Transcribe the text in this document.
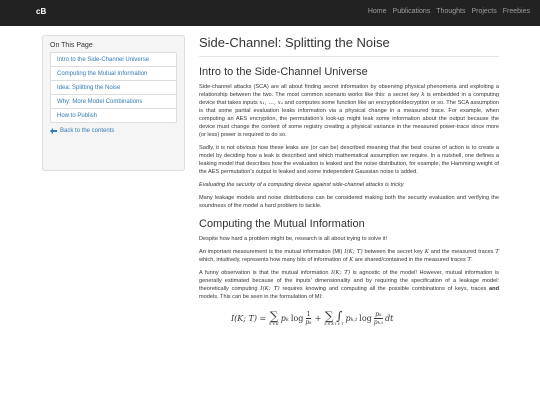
cB	Home Publications Thoughts Projects Freebies
On This Page
Intro to the Side-Channel Universe
Computing the Mutual Information
Idea: Splitting the Noise
Why: More Model Combinations
How to Publish
Back to the contents
Side-Channel: Splitting the Noise
Intro to the Side-Channel Universe

Side-channel attacks (SCA) are all about finding secret information by observing physical phenomena and exploiting a relationship between the two. The most common scenario works like this: a secret key k is embedded in a computing device that takes inputs x₁, …, xₙ and computes some function like an encryption/decryption or so. The SCA assumption is that some partial evaluation leaks information via a physical change in a measured trace. For example, when computing an AES encryption, the permutation’s look-up might leak some information about the output because the device must change the content of some registry creating a physical variance in the measured power-trace since more (or less) power is required to do so.

Sadly, it is not obvious how these leaks are (or can be) described meaning that the best course of action is to create a model by deciding how a leak is described and which mathematical assumption we require. In a nutshell, one defines a leaking model that describes how the evaluation is leaked and the noise distribution, for example, the Hamming weight of the AES permutation’s output is leaked and some independent Gaussian noise is added.

Evaluating the security of a computing device against side-channel attacks is tricky.

Many leakage models and noise distributions can be considered making both the security evaluation and verifying the soundness of the model a hard problem to tackle.

Computing the Mutual Information

Despite how hard a problem might be, research is all about trying to solve it!

An important measurement is the mutual information (MI) I(K; T) between the secret key K and the measured traces T which, intuitively, represents how many bits of information of K are shared/contained in the measured traces T.

A funny observation is that the mutual information I(K; T) is agnostic of the model! However, mutual information is generally estimated because of the inputs’ dimensionality and by requiring the specification of a leakage model: theoretically computing I(K; T) requires knowing and computing all the possible combinations of keys, traces and models. This can be seen in the formulation of MI:

I(K; T) = ∑
k ∈ K
p k log 1
pk + ∑
k ∈ K
∫
t ∈ T
p k,t log pk
pk,t dt
